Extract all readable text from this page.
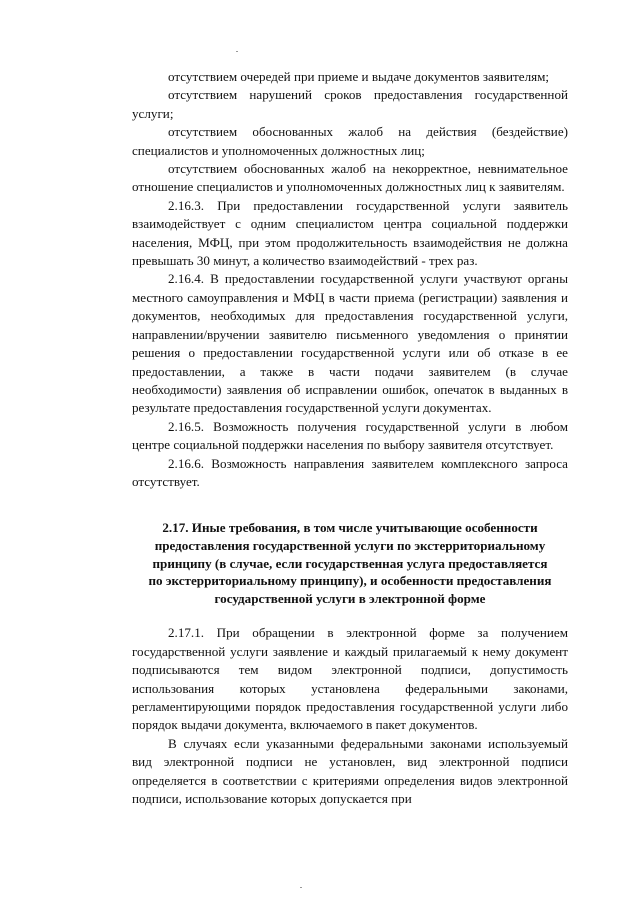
отсутствием очередей при приеме и выдаче документов заявителям;

отсутствием нарушений сроков предоставления государственной услуги;

отсутствием обоснованных жалоб на действия (бездействие) специалистов и уполномоченных должностных лиц;

отсутствием обоснованных жалоб на некорректное, невнимательное отношение специалистов и уполномоченных должностных лиц к заявителям.

2.16.3. При предоставлении государственной услуги заявитель взаимодействует с одним специалистом центра социальной поддержки населения, МФЦ, при этом продолжительность взаимодействия не должна превышать 30 минут, а количество взаимодействий - трех раз.

2.16.4. В предоставлении государственной услуги участвуют органы местного самоуправления и МФЦ в части приема (регистрации) заявления и документов, необходимых для предоставления государственной услуги, направлении/вручении заявителю письменного уведомления о принятии решения о предоставлении государственной услуги или об отказе в ее предоставлении, а также в части подачи заявителем (в случае необходимости) заявления об исправлении ошибок, опечаток в выданных в результате предоставления государственной услуги документах.

2.16.5. Возможность получения государственной услуги в любом центре социальной поддержки населения по выбору заявителя отсутствует.

2.16.6. Возможность направления заявителем комплексного запроса отсутствует.

2.17. Иные требования, в том числе учитывающие особенности
предоставления государственной услуги по экстерриториальному
принципу (в случае, если государственная услуга предоставляется
по экстерриториальному принципу), и особенности предоставления
государственной услуги в электронной форме

2.17.1. При обращении в электронной форме за получением государственной услуги заявление и каждый прилагаемый к нему документ подписываются тем видом электронной подписи, допустимость использования которых установлена федеральными законами, регламентирующими порядок предоставления государственной услуги либо порядок выдачи документа, включаемого в пакет документов.

В случаях если указанными федеральными законами используемый вид электронной подписи не установлен, вид электронной подписи определяется в соответствии с критериями определения видов электронной подписи, использование которых допускается при
